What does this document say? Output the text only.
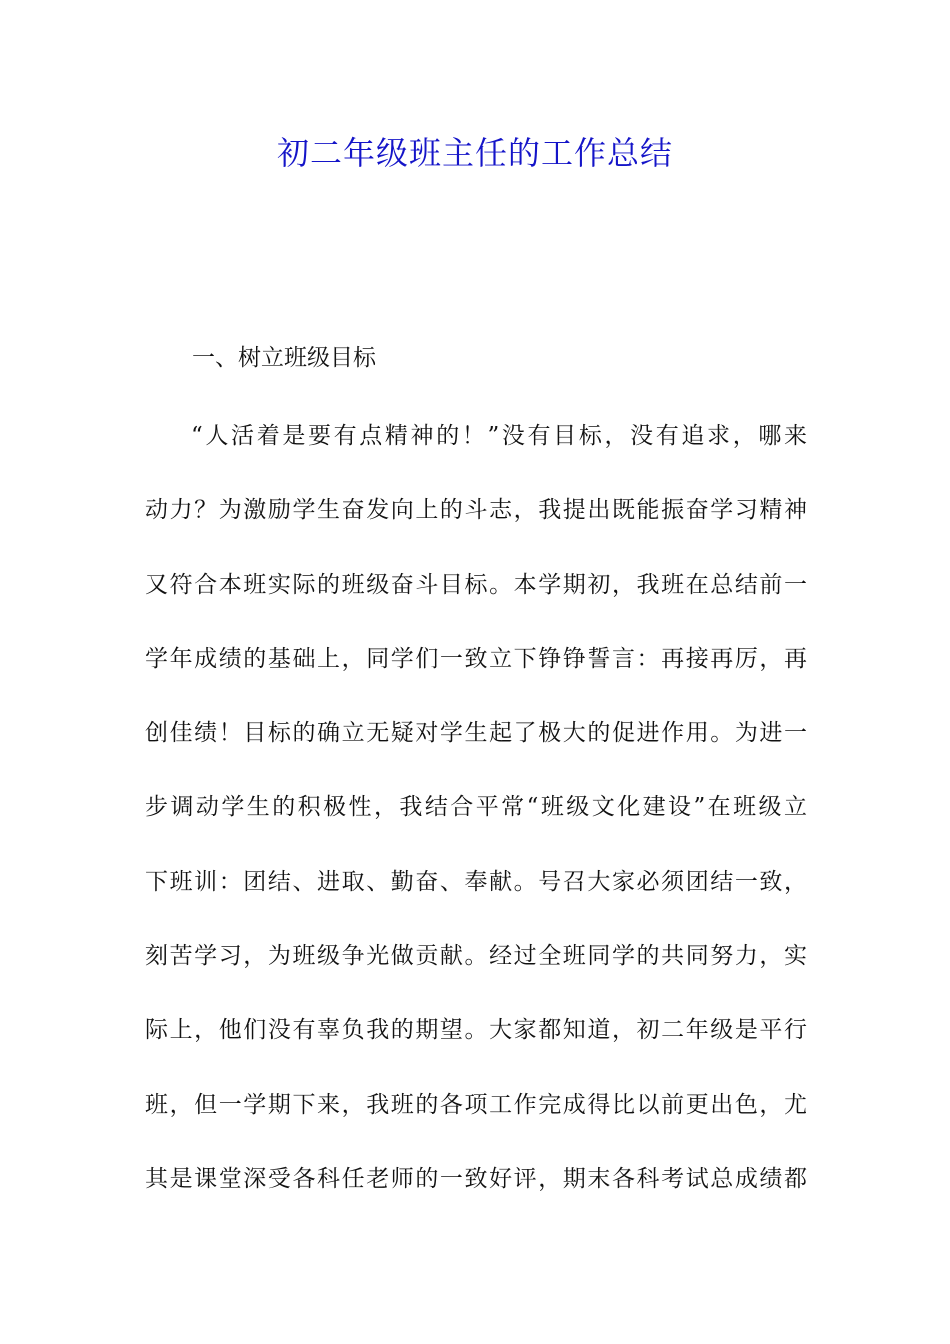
初二年级班主任的工作总结

一、树立班级目标

“人活着是要有点精神的！”没有目标，没有追求，哪来
动力？为激励学生奋发向上的斗志，我提出既能振奋学习精神
又符合本班实际的班级奋斗目标。本学期初，我班在总结前一
学年成绩的基础上，同学们一致立下铮铮誓言：再接再厉，再
创佳绩！目标的确立无疑对学生起了极大的促进作用。为进一
步调动学生的积极性，我结合平常“班级文化建设”在班级立
下班训：团结、进取、勤奋、奉献。号召大家必须团结一致，
刻苦学习，为班级争光做贡献。经过全班同学的共同努力，实
际上，他们没有辜负我的期望。大家都知道，初二年级是平行
班，但一学期下来，我班的各项工作完成得比以前更出色，尤
其是课堂深受各科任老师的一致好评，期末各科考试总成绩都
